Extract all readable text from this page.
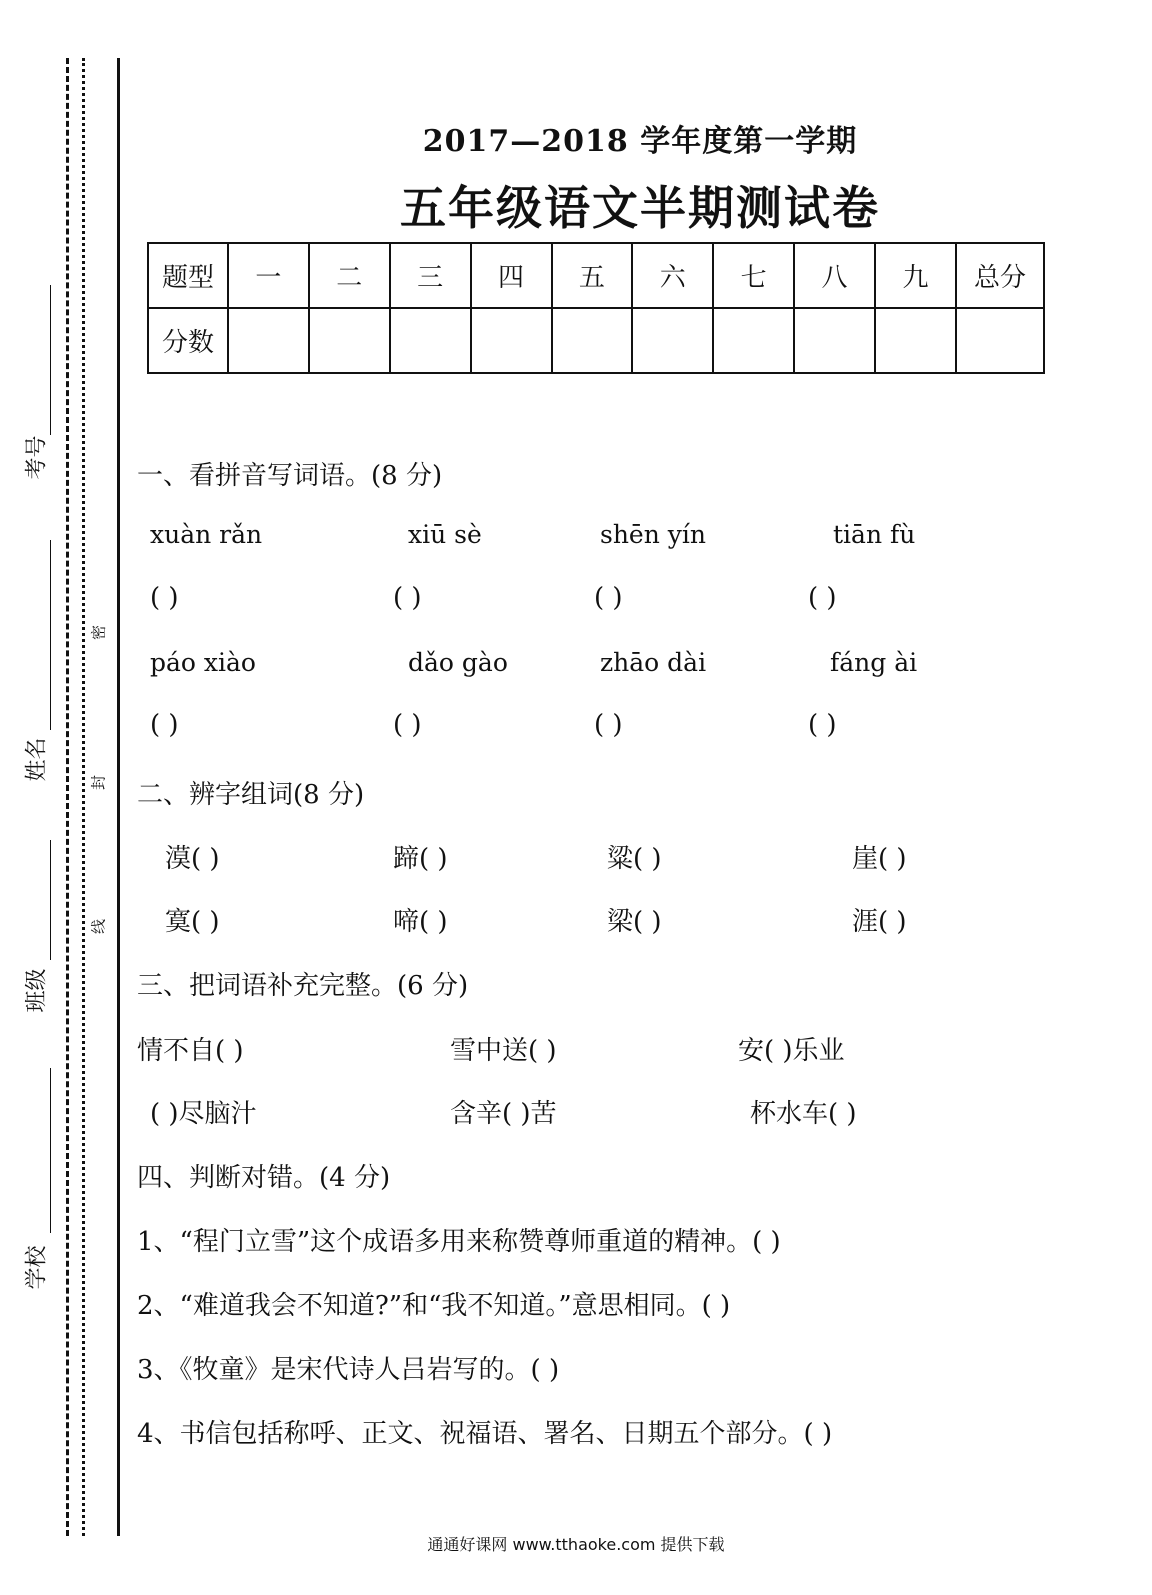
考号
姓名
班级
学校
密
封
线
2017—2018 学年度第一学期
五年级语文半期测试卷
题型	一	二	三	四	五	六	七	八	九	总分
分数										
一、看拼音写词语。(8 分)
xuàn rǎn	xiū sè	shēn yín	tiān fù
( )	( )	( )	( )
páo xiào	dǎo gào	zhāo dài	fáng ài
( )	( )	( )	( )
二、辨字组词(8 分)
漠( )	蹄( )	粱( )	崖( )
寞( )	啼( )	梁( )	涯( )
三、把词语补充完整。(6 分)
情不自( )	雪中送( )	安( )乐业
( )尽脑汁	含辛( )苦	杯水车( )
四、判断对错。(4 分)
1、“程门立雪”这个成语多用来称赞尊师重道的精神。( )
2、“难道我会不知道?”和“我不知道。”意思相同。( )
3、《牧童》是宋代诗人吕岩写的。( )
4、书信包括称呼、正文、祝福语、署名、日期五个部分。( )
通通好课网 www.tthaoke.com 提供下载
